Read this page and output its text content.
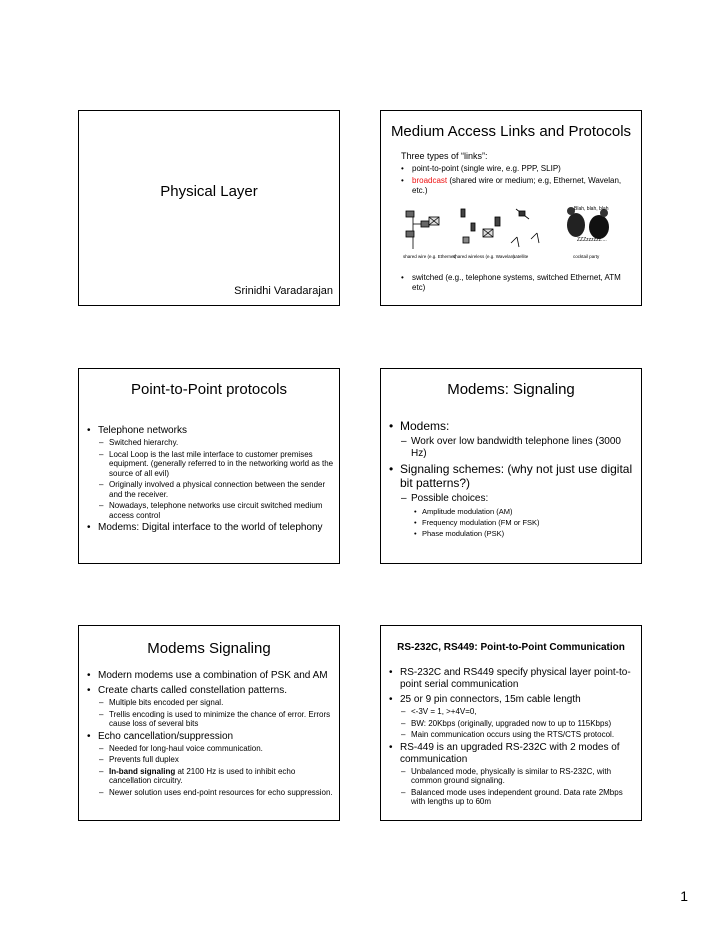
Physical Layer
Srinidhi Varadarajan
Medium Access Links and Protocols
Three types of “links”:
• point-to-point (single wire, e.g. PPP, SLIP)
• broadcast (shared wire or medium; e.g, Ethernet, Wavelan, etc.)
Blah, blah, blah
ZZZzzzzzz....
shared wire (e.g. Ethernet)
shared wireless (e.g. Wavelan)
satellite	cocktail party
• switched (e.g., telephone systems, switched Ethernet, ATM etc)
Point-to-Point protocols
• Telephone networks
– Switched hierarchy.
– Local Loop is the last mile interface to customer premises equipment. (generally referred to in the networking world as the source of all evil)
– Originally involved a physical connection between the sender and the receiver.
– Nowadays, telephone networks use circuit switched medium access control
• Modems: Digital interface to the world of telephony
Modems: Signaling
• Modems:
– Work over low bandwidth telephone lines (3000 Hz)
• Signaling schemes: (why not just use digital bit patterns?)
– Possible choices:
• Amplitude modulation (AM)
• Frequency modulation (FM or FSK)
• Phase modulation (PSK)
Modems Signaling
• Modern modems use a combination of PSK and AM
• Create charts called constellation patterns.
– Multiple bits encoded per signal.
– Trellis encoding is used to minimize the chance of error. Errors cause loss of several bits
• Echo cancellation/suppression
– Needed for long-haul voice communication.
– Prevents full duplex
– In-band signaling at 2100 Hz is used to inhibit echo cancellation circuitry.
– Newer solution uses end-point resources for echo suppression.
RS-232C, RS449: Point-to-Point Communication
• RS-232C and RS449 specify physical layer point-to-point serial communication
• 25 or 9 pin connectors, 15m cable length
– <-3V = 1, >+4V=0,
– BW: 20Kbps (originally, upgraded now to up to 115Kbps)
– Main communication occurs using the RTS/CTS protocol.
• RS-449 is an upgraded RS-232C with 2 modes of communication
– Unbalanced mode, physically is similar to RS-232C, with common ground signaling.
– Balanced mode uses independent ground. Data rate 2Mbps with lengths up to 60m
1
